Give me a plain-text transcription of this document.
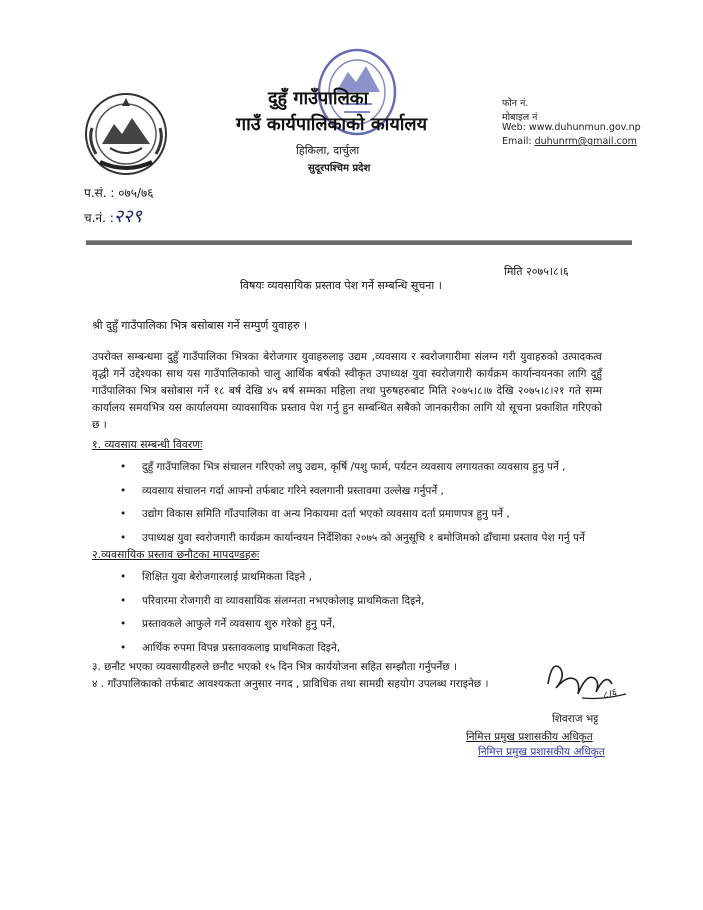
दुहुँ गाउँपालिका
गाउँ कार्यपालिकाको कार्यालय
हिकिला, दार्चुला
सुदूरपश्चिम प्रदेश
फोन नं.
मोबाइल नं
Web: www.duhunmun.gov.np
Email: duhunrm@gmail.com
प.सं. : ०७५/७६
च.नं. :२२९
मिति २०७५।८।६
विषयः व्यवसायिक प्रस्ताव पेश गर्ने सम्बन्धि सूचना ।
श्री दुहुँ गाउँपालिका भित्र बसोबास गर्ने सम्पुर्ण युवाहरु ।
उपरोक्त सम्बन्धमा दुहुँ गाउँपालिका भित्रका बेरोजगार युवाहरुलाइ उद्यम ,व्यवसाय र स्वरोजगारीमा संलग्न गरी युवाहरुको उत्पादकत्व वृद्धी गर्ने उद्देश्यका साथ यस गाउँपालिकाको चालु आर्थिक बर्षको स्वीकृत उपाध्यक्ष युवा स्वरोजगारी कार्यक्रम कार्यान्वयनका लागि दुहुँ गाउँपालिका भित्र बसोबास गर्ने १८ बर्ष देखि ४५ बर्ष सम्मका महिला तथा पुरुषहरुबाट मिति २०७५।८।७ देखि २०७५।८।२१ गते सम्म कार्यालय समयभित्र यस कार्यालयमा व्यावसायिक प्रस्ताव पेश गर्नु हुन सम्बन्धित सबैको जानकारीका लागि यो सूचना प्रकाशित गरिएको छ ।
१. व्यवसाय सम्बन्धी विवरणः
• दुहुँ गाउँपालिका भित्र संचालन गरिएको लघु उद्यम, कृर्षि /पशु फार्म, पर्यटन व्यवसाय लगायतका व्यवसाय हुनु पर्ने ,
• व्यवसाय संचालन गर्दा आफ्नो तर्फबाट गरिने स्वलगानी प्रस्तावमा उल्लेख गर्नुपर्ने ,
• उद्योग विकास समिति गाँउपालिका वा अन्य निकायमा दर्ता भएको व्यवसाय दर्ता प्रमाणपत्र हुनु पर्ने ,
• उपाध्यक्ष युवा स्वरोजगारी कार्यक्रम कार्यान्वयन निर्देशिका २०७५ को अनुसूचि १ बमोजिमको ढाँचामा प्रस्ताव पेश गर्नु पर्ने
२.व्यवसायिक प्रस्ताव छनौटका मापदण्डहरुः
• शिक्षित युवा बेरोजगारलाई प्राथमिकता दिइने ,
• परिवारमा रोजगारी वा व्यावसायिक संलग्नता नभएकोलाइ प्राथमिकता दिइने,
• प्रस्तावकले आफुले गर्ने व्यवसाय शुरु गरेको हुनु पर्ने,
• आर्थिक रुपमा विपन्न प्रस्तावकलाइ प्राथमिकता दिइने,
३. छनौट भएका व्यवसायीहरुले छनौट भएको १५ दिन भित्र कार्ययोजना सहित सम्झौता गर्नुपर्नेछ ।
४ . गाँउपालिकाको तर्फबाट आवश्यकता अनुसार नगद , प्राविधिक तथा सामग्री सहयोग उपलब्ध गराइनेछ ।
८।६
शिवराज भट्ट
निमित्त प्रमुख प्रशासकीय अधिकृत
निमित्त प्रमुख प्रशासकीय अधिकृत
